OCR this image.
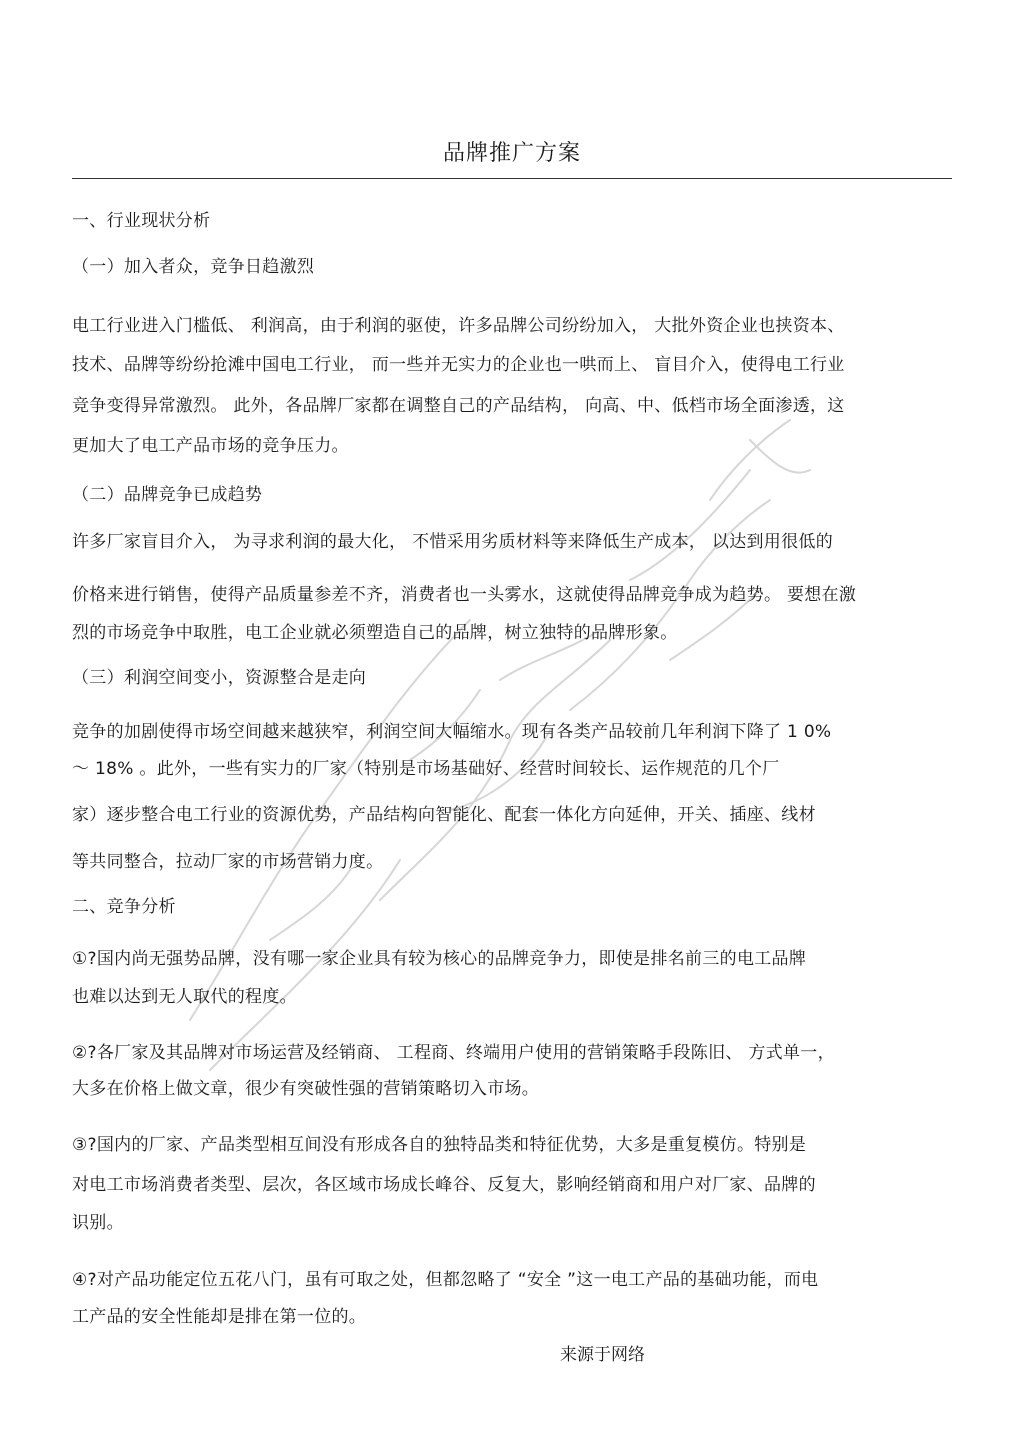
品牌推广方案
一、行业现状分析
（一）加入者众，竞争日趋激烈
电工行业进入门槛低、 利润高，由于利润的驱使，许多品牌公司纷纷加入， 大批外资企业也挟资本、
技术、品牌等纷纷抢滩中国电工行业， 而一些并无实力的企业也一哄而上、 盲目介入，使得电工行业
竞争变得异常激烈。 此外，各品牌厂家都在调整自己的产品结构， 向高、中、低档市场全面渗透，这
更加大了电工产品市场的竞争压力。
（二）品牌竞争已成趋势
许多厂家盲目介入， 为寻求利润的最大化， 不惜采用劣质材料等来降低生产成本， 以达到用很低的
价格来进行销售，使得产品质量参差不齐，消费者也一头雾水，这就使得品牌竞争成为趋势。 要想在激
烈的市场竞争中取胜，电工企业就必须塑造自己的品牌，树立独特的品牌形象。
（三）利润空间变小，资源整合是走向
竞争的加剧使得市场空间越来越狭窄，利润空间大幅缩水。现有各类产品较前几年利润下降了 1 0%
～ 18% 。此外，一些有实力的厂家（特别是市场基础好、经营时间较长、运作规范的几个厂
家）逐步整合电工行业的资源优势，产品结构向智能化、配套一体化方向延伸，开关、插座、线材
等共同整合，拉动厂家的市场营销力度。
二、竞争分析
①?国内尚无强势品牌，没有哪一家企业具有较为核心的品牌竞争力，即使是排名前三的电工品牌
也难以达到无人取代的程度。
②?各厂家及其品牌对市场运营及经销商、 工程商、终端用户使用的营销策略手段陈旧、 方式单一，
大多在价格上做文章，很少有突破性强的营销策略切入市场。
③?国内的厂家、产品类型相互间没有形成各自的独特品类和特征优势，大多是重复模仿。特别是
对电工市场消费者类型、层次，各区域市场成长峰谷、反复大，影响经销商和用户对厂家、品牌的
识别。
④?对产品功能定位五花八门，虽有可取之处，但都忽略了 “安全 ”这一电工产品的基础功能，而电
工产品的安全性能却是排在第一位的。
来源于网络
